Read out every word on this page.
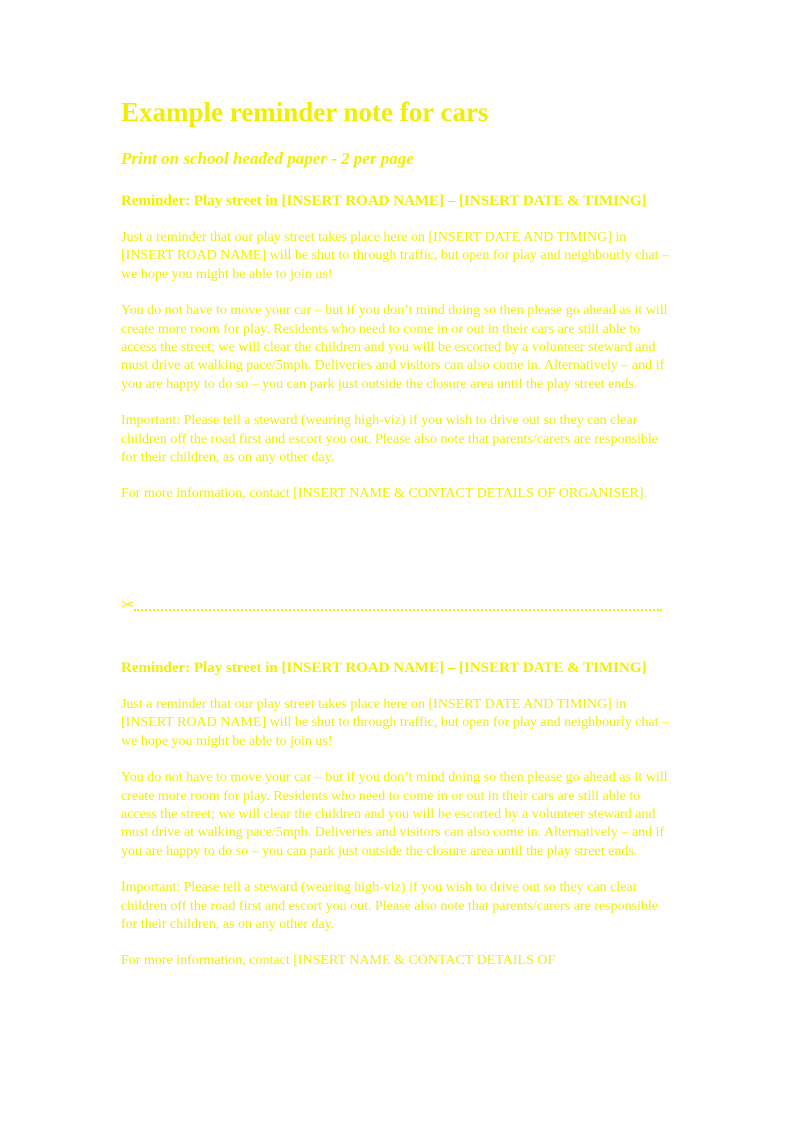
Example reminder note for cars
Print on school headed paper - 2 per page
Reminder: Play street in [INSERT ROAD NAME] – [INSERT DATE & TIMING]

Just a reminder that our play street takes place here on [INSERT DATE AND TIMING] in [INSERT ROAD NAME] will be shut to through traffic, but open for play and neighbourly chat – we hope you might be able to join us!

You do not have to move your car – but if you don’t mind doing so then please go ahead as it will create more room for play. Residents who need to come in or out in their cars are still able to access the street; we will clear the children and you will be escorted by a volunteer steward and must drive at walking pace/5mph. Deliveries and visitors can also come in. Alternatively – and if you are happy to do so – you can park just outside the closure area until the play street ends.

Important: Please tell a steward (wearing high-viz) if you wish to drive out so they can clear children off the road first and escort you out. Please also note that parents/carers are responsible for their children, as on any other day.

For more information, contact [INSERT NAME & CONTACT DETAILS OF ORGANISER].

✂
Reminder: Play street in [INSERT ROAD NAME] – [INSERT DATE & TIMING]

Just a reminder that our play street takes place here on [INSERT DATE AND TIMING] in [INSERT ROAD NAME] will be shut to through traffic, but open for play and neighbourly chat – we hope you might be able to join us!

You do not have to move your car – but if you don’t mind doing so then please go ahead as it will create more room for play. Residents who need to come in or out in their cars are still able to access the street; we will clear the children and you will be escorted by a volunteer steward and must drive at walking pace/5mph. Deliveries and visitors can also come in. Alternatively – and if you are happy to do so – you can park just outside the closure area until the play street ends.

Important: Please tell a steward (wearing high-viz) if you wish to drive out so they can clear children off the road first and escort you out. Please also note that parents/carers are responsible for their children, as on any other day.

For more information, contact [INSERT NAME & CONTACT DETAILS OF
